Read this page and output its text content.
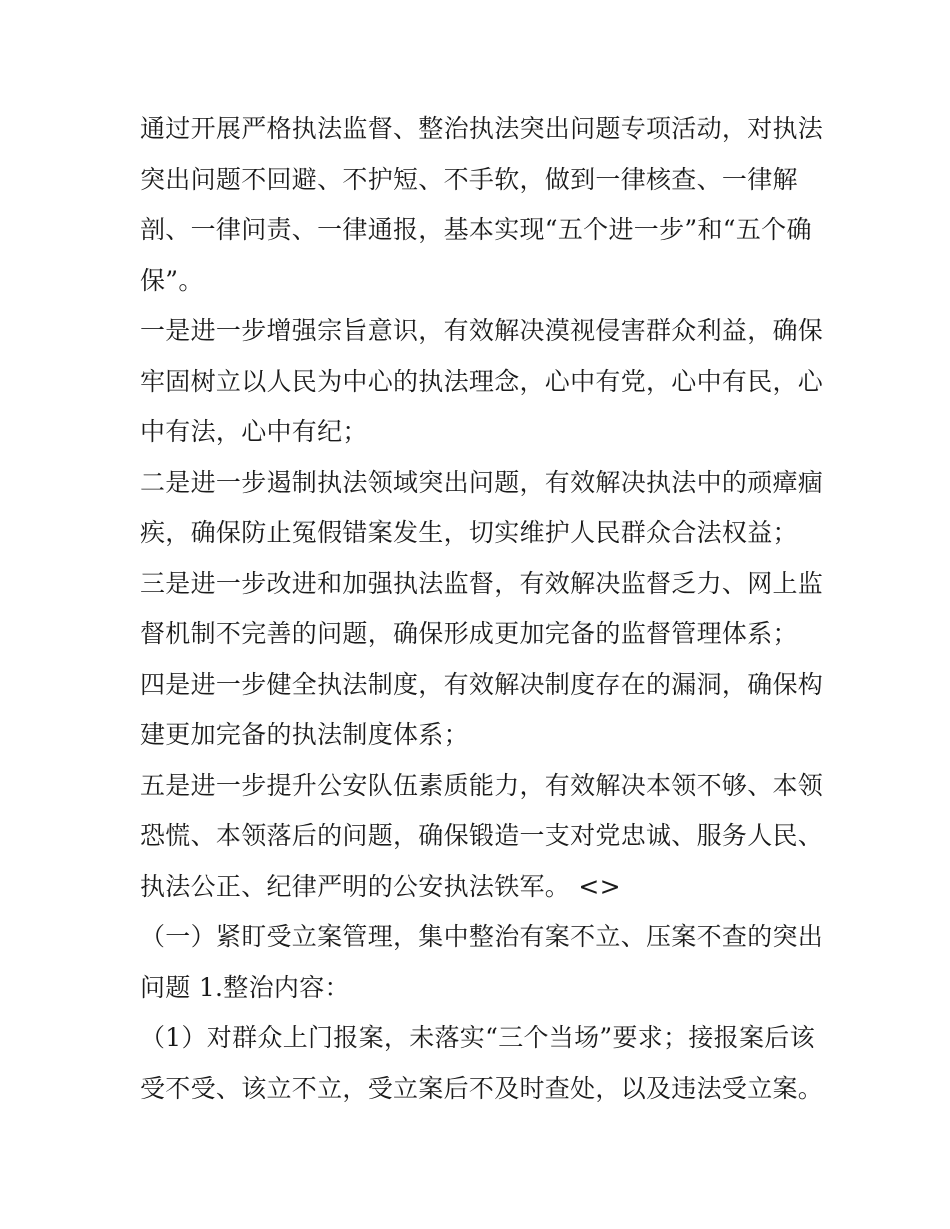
通过开展严格执法监督、整治执法突出问题专项活动，对执法
突出问题不回避、不护短、不手软，做到一律核查、一律解
剖、一律问责、一律通报，基本实现“五个进一步”和“五个确
保”。
一是进一步增强宗旨意识，有效解决漠视侵害群众利益，确保
牢固树立以人民为中心的执法理念，心中有党，心中有民，心
中有法，心中有纪；
二是进一步遏制执法领域突出问题，有效解决执法中的顽瘴痼
疾，确保防止冤假错案发生，切实维护人民群众合法权益；
三是进一步改进和加强执法监督，有效解决监督乏力、网上监
督机制不完善的问题，确保形成更加完备的监督管理体系；
四是进一步健全执法制度，有效解决制度存在的漏洞，确保构
建更加完备的执法制度体系；
五是进一步提升公安队伍素质能力，有效解决本领不够、本领
恐慌、本领落后的问题，确保锻造一支对党忠诚、服务人民、
执法公正、纪律严明的公安执法铁军。 <>
（一）紧盯受立案管理，集中整治有案不立、压案不查的突出
问题 1.整治内容：
（1）对群众上门报案，未落实“三个当场”要求；接报案后该
受不受、该立不立，受立案后不及时查处，以及违法受立案。
